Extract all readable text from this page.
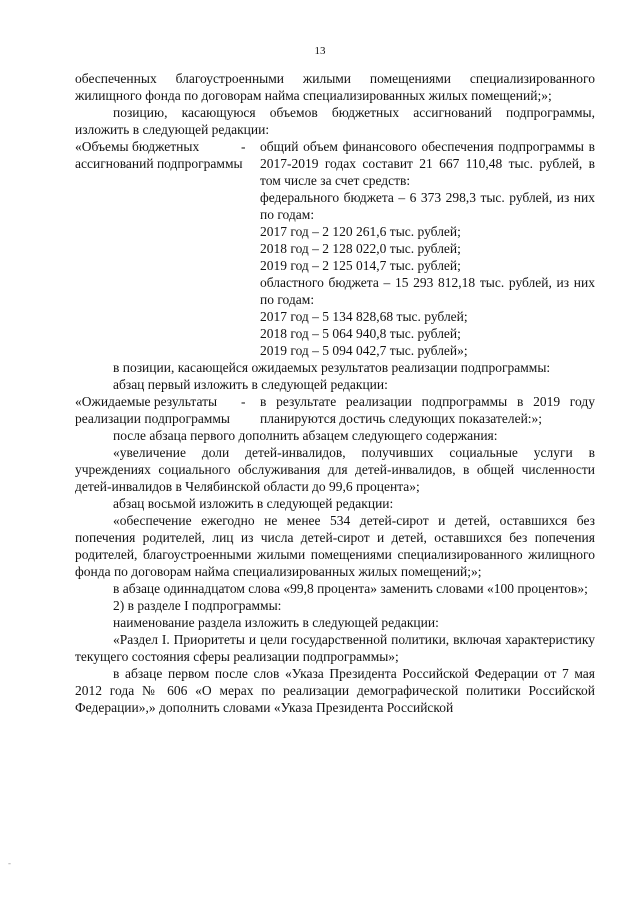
13

обеспеченных благоустроенными жилыми помещениями специализированного жилищного фонда по договорам найма специализированных жилых помещений;»;

позицию, касающуюся объемов бюджетных ассигнований подпрограммы, изложить в следующей редакции:

«Объемы бюджетных ассигнований подпрограммы
- общий объем финансового обеспечения подпрограммы в 2017-2019 годах составит 21 667 110,48 тыс. рублей, в том числе за счет средств:

федерального бюджета – 6 373 298,3 тыс. рублей, из них по годам:

2017 год – 2 120 261,6 тыс. рублей;

2018 год – 2 128 022,0 тыс. рублей;

2019 год – 2 125 014,7 тыс. рублей;

областного бюджета – 15 293 812,18 тыс. рублей, из них по годам:

2017 год – 5 134 828,68 тыс. рублей;

2018 год – 5 064 940,8 тыс. рублей;

2019 год – 5 094 042,7 тыс. рублей»;

в позиции, касающейся ожидаемых результатов реализации подпрограммы:

абзац первый изложить в следующей редакции:

«Ожидаемые результаты реализации подпрограммы
- в результате реализации подпрограммы в 2019 году планируются достичь следующих показателей:»;

после абзаца первого дополнить абзацем следующего содержания:

«увеличение доли детей-инвалидов, получивших социальные услуги в учреждениях социального обслуживания для детей-инвалидов, в общей численности детей-инвалидов в Челябинской области до 99,6 процента»;

абзац восьмой изложить в следующей редакции:

«обеспечение ежегодно не менее 534 детей-сирот и детей, оставшихся без попечения родителей, лиц из числа детей-сирот и детей, оставшихся без попечения родителей, благоустроенными жилыми помещениями специализированного жилищного фонда по договорам найма специализированных жилых помещений;»;

в абзаце одиннадцатом слова «99,8 процента» заменить словами «100 процентов»;

2) в разделе I подпрограммы:

наименование раздела изложить в следующей редакции:

«Раздел I. Приоритеты и цели государственной политики, включая характеристику текущего состояния сферы реализации подпрограммы»;

в абзаце первом после слов «Указа Президента Российской Федерации от 7 мая 2012 года № 606 «О мерах по реализации демографической политики Российской Федерации»,» дополнить словами «Указа Президента Российской

-
